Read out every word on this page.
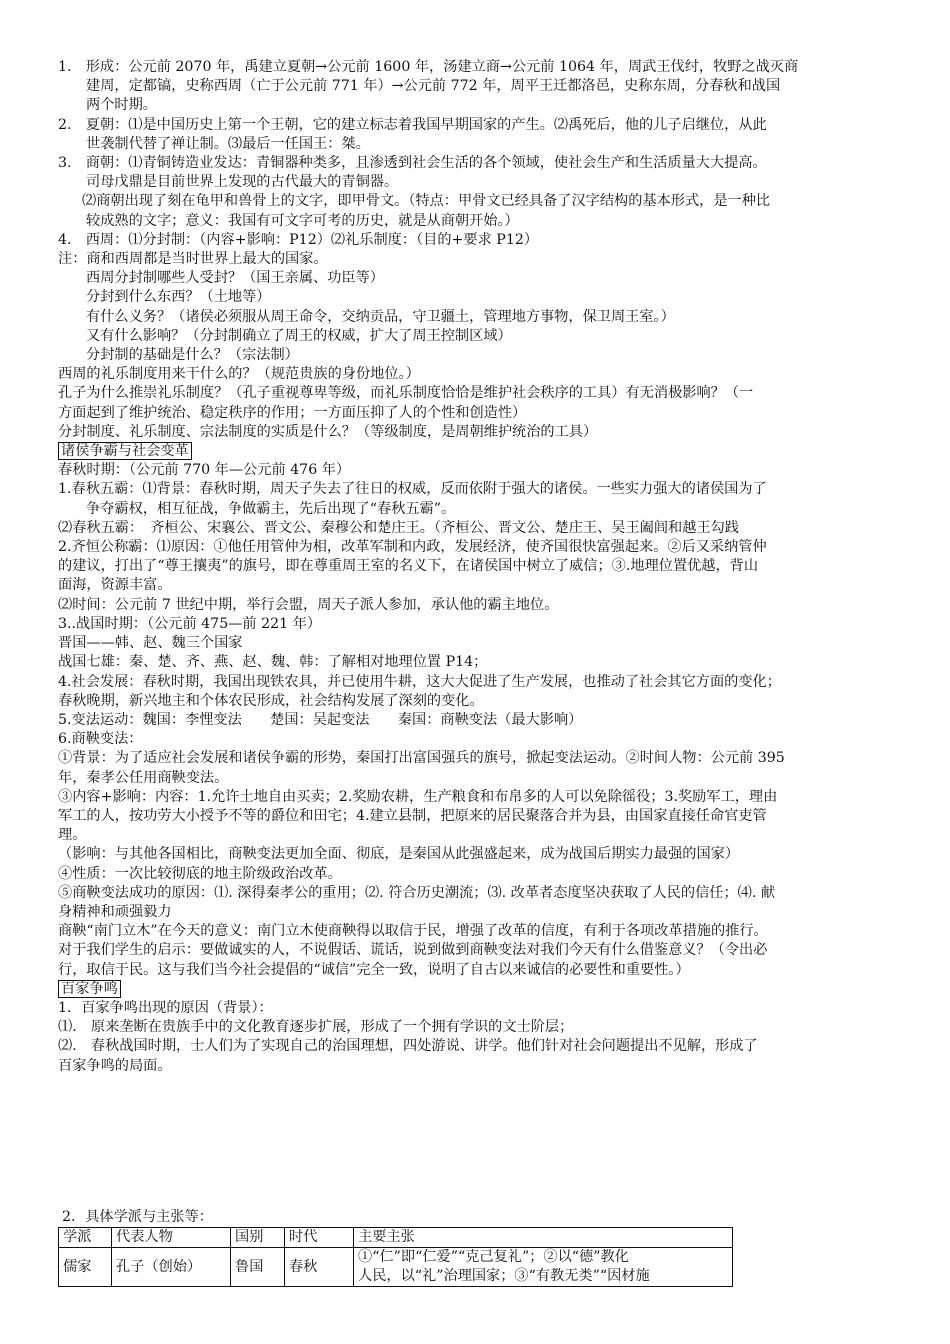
1.　形成：公元前 2070 年，禹建立夏朝→公元前 1600 年，汤建立商→公元前 1064 年，周武王伐纣，牧野之战灭商
建周，定都镐，史称西周（亡于公元前 771 年）→公元前 772 年，周平王迁都洛邑，史称东周，分春秋和战国
两个时期。
2.　夏朝：⑴是中国历史上第一个王朝，它的建立标志着我国早期国家的产生。⑵禹死后，他的儿子启继位，从此
世袭制代替了禅让制。⑶最后一任国王：桀。
3.　商朝：⑴青铜铸造业发达：青铜器种类多，且渗透到社会生活的各个领域，使社会生产和生活质量大大提高。
司母戊鼎是目前世界上发现的古代最大的青铜器。
⑵商朝出现了刻在龟甲和兽骨上的文字，即甲骨文。（特点：甲骨文已经具备了汉字结构的基本形式，是一种比
较成熟的文字；意义：我国有可文字可考的历史，就是从商朝开始。）
4.　西周：⑴分封制：（内容+影响：P12）⑵礼乐制度：（目的+要求 P12）
注：商和西周都是当时世界上最大的国家。
西周分封制哪些人受封？（国王亲属、功臣等）
分封到什么东西？（土地等）
有什么义务？（诸侯必须服从周王命令，交纳贡品，守卫疆土，管理地方事物，保卫周王室。）
又有什么影响？（分封制确立了周王的权威，扩大了周王控制区域）
分封制的基础是什么？（宗法制）
西周的礼乐制度用来干什么的？（规范贵族的身份地位。）
孔子为什么推崇礼乐制度？（孔子重视尊卑等级，而礼乐制度恰恰是维护社会秩序的工具）有无消极影响？（一
方面起到了维护统治、稳定秩序的作用；一方面压抑了人的个性和创造性）
分封制度、礼乐制度、宗法制度的实质是什么？（等级制度，是周朝维护统治的工具）
诸侯争霸与社会变革
春秋时期：（公元前 770 年—公元前 476 年）
1.春秋五霸：⑴背景：春秋时期，周天子失去了往日的权威，反而依附于强大的诸侯。一些实力强大的诸侯国为了
争夺霸权，相互征战，争做霸主，先后出现了“春秋五霸”。
⑵春秋五霸：　齐桓公、宋襄公、晋文公、秦穆公和楚庄王。（齐桓公、晋文公、楚庄王、吴王阖闾和越王勾践
2.齐恒公称霸：⑴原因：①他任用管仲为相，改革军制和内政，发展经济，使齐国很快富强起来。②后又采纳管仲
的建议，打出了“尊王攘夷”的旗号，即在尊重周王室的名义下，在诸侯国中树立了威信；③.地理位置优越，背山
面海，资源丰富。
⑵时间：公元前 7 世纪中期，举行会盟，周天子派人参加，承认他的霸主地位。
3..战国时期：（公元前 475—前 221 年）
晋国——韩、赵、魏三个国家
战国七雄：秦、楚、齐、燕、赵、魏、韩：了解相对地理位置 P14；
4.社会发展：春秋时期，我国出现铁农具，并已使用牛耕，这大大促进了生产发展，也推动了社会其它方面的变化；
春秋晚期，新兴地主和个体农民形成，社会结构发展了深刻的变化。
5.变法运动：魏国：李悝变法　　楚国：吴起变法　　秦国：商鞅变法（最大影响）
6.商鞅变法：
①背景：为了适应社会发展和诸侯争霸的形势，秦国打出富国强兵的旗号，掀起变法运动。②时间人物：公元前 395
年，秦孝公任用商鞅变法。
③内容+影响：内容：1.允许土地自由买卖；2.奖励农耕，生产粮食和布帛多的人可以免除徭役；3.奖励军工，理由
军工的人，按功劳大小授予不等的爵位和田宅；4.建立县制，把原来的居民聚落合并为县，由国家直接任命官吏管
理。
（影响：与其他各国相比，商鞅变法更加全面、彻底，是秦国从此强盛起来，成为战国后期实力最强的国家）
④性质：一次比较彻底的地主阶级政治改革。
⑤商鞅变法成功的原因：⑴. 深得秦孝公的重用；⑵. 符合历史潮流；⑶. 改革者态度坚决获取了人民的信任；⑷. 献
身精神和顽强毅力
商鞅“南门立木”在今天的意义：南门立木使商鞅得以取信于民，增强了改革的信度，有利于各项改革措施的推行。
对于我们学生的启示：要做诚实的人，不说假话、谎话，说到做到商鞅变法对我们今天有什么借鉴意义？（令出必
行，取信于民。这与我们当今社会提倡的“诚信”完全一致，说明了自古以来诚信的必要性和重要性。）
百家争鸣
1．百家争鸣出现的原因（背景）：
⑴.　原来垄断在贵族手中的文化教育逐步扩展，形成了一个拥有学识的文士阶层；
⑵.　春秋战国时期，士人们为了实现自己的治国理想，四处游说、讲学。他们针对社会问题提出不见解，形成了
百家争鸣的局面。
2．具体学派与主张等：
学派	代表人物	国别	时代	主要主张
儒家	孔子（创始）	鲁国	春秋	①“仁”即“仁爱”“克己复礼”；②以“德”教化
人民，以“礼”治理国家；③“有教无类”“因材施
